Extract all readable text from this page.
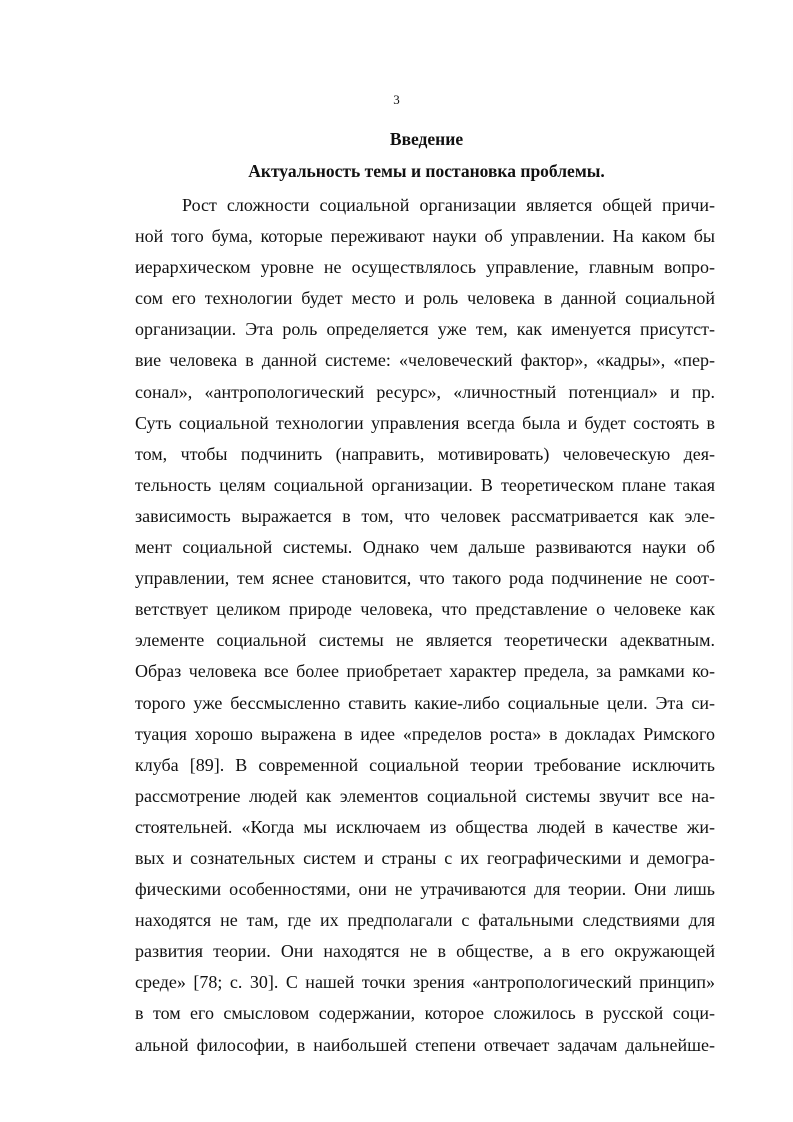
3
Введение
Актуальность темы и постановка проблемы.
Рост сложности социальной организации является общей причи-
ной того бума, которые переживают науки об управлении. На каком бы
иерархическом уровне не осуществлялось управление, главным вопро-
сом его технологии будет место и роль человека в данной социальной
организации. Эта роль определяется уже тем, как именуется присутст-
вие человека в данной системе: «человеческий фактор», «кадры», «пер-
сонал», «антропологический ресурс», «личностный потенциал» и пр.
Суть социальной технологии управления всегда была и будет состоять в
том, чтобы подчинить (направить, мотивировать) человеческую дея-
тельность целям социальной организации. В теоретическом плане такая
зависимость выражается в том, что человек рассматривается как эле-
мент социальной системы. Однако чем дальше развиваются науки об
управлении, тем яснее становится, что такого рода подчинение не соот-
ветствует целиком природе человека, что представление о человеке как
элементе социальной системы не является теоретически адекватным.
Образ человека все более приобретает характер предела, за рамками ко-
торого уже бессмысленно ставить какие-либо социальные цели. Эта си-
туация хорошо выражена в идее «пределов роста» в докладах Римского
клуба [89]. В современной социальной теории требование исключить
рассмотрение людей как элементов социальной системы звучит все на-
стоятельней. «Когда мы исключаем из общества людей в качестве жи-
вых и сознательных систем и страны с их географическими и демогра-
фическими особенностями, они не утрачиваются для теории. Они лишь
находятся не там, где их предполагали с фатальными следствиями для
развития теории. Они находятся не в обществе, а в его окружающей
среде» [78; с. 30]. С нашей точки зрения «антропологический принцип»
в том его смысловом содержании, которое сложилось в русской соци-
альной философии, в наибольшей степени отвечает задачам дальнейше-
